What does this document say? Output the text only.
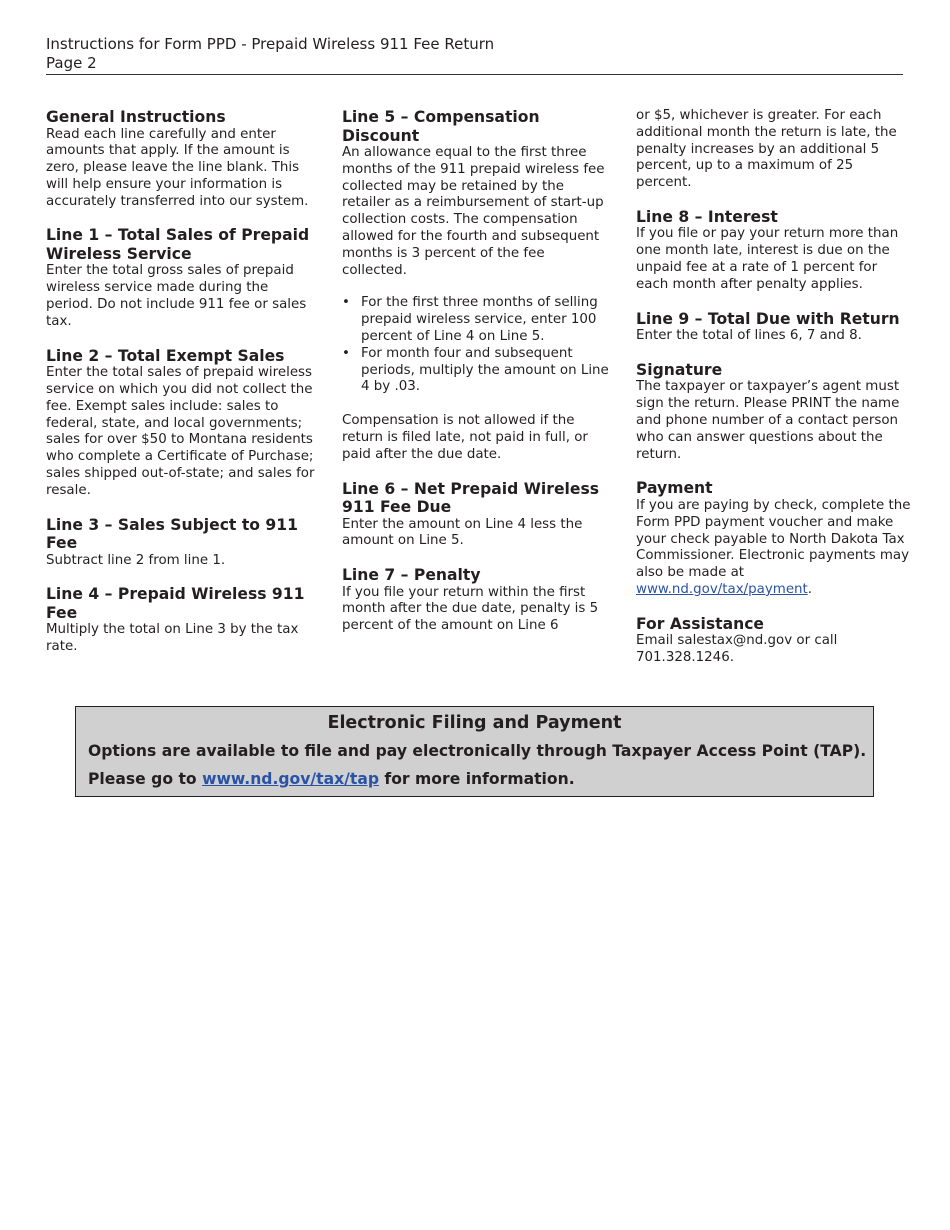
Instructions for Form PPD - Prepaid Wireless 911 Fee Return
Page 2
General Instructions

Read each line carefully and enter amounts that apply. If the amount is zero, please leave the line blank. This will help ensure your information is accurately transferred into our system.

Line 1 – Total Sales of Prepaid Wireless Service

Enter the total gross sales of prepaid wireless service made during the period. Do not include 911 fee or sales tax.

Line 2 – Total Exempt Sales

Enter the total sales of prepaid wireless service on which you did not collect the fee. Exempt sales include: sales to federal, state, and local governments; sales for over $50 to Montana residents who complete a Certificate of Purchase; sales shipped out-of-state; and sales for resale.

Line 3 – Sales Subject to 911 Fee

Subtract line 2 from line 1.

Line 4 – Prepaid Wireless 911 Fee

Multiply the total on Line 3 by the tax rate.

Line 5 – Compensation Discount

An allowance equal to the first three months of the 911 prepaid wireless fee collected may be retained by the retailer as a reimbursement of start-up collection costs. The compensation allowed for the fourth and subsequent months is 3 percent of the fee collected.

• For the first three months of selling prepaid wireless service, enter 100 percent of Line 4 on Line 5.
• For month four and subsequent periods, multiply the amount on Line 4 by .03.

Compensation is not allowed if the return is filed late, not paid in full, or paid after the due date.

Line 6 – Net Prepaid Wireless 911 Fee Due

Enter the amount on Line 4 less the amount on Line 5.

Line 7 – Penalty

If you file your return within the first month after the due date, penalty is 5 percent of the amount on Line 6

or $5, whichever is greater. For each additional month the return is late, the penalty increases by an additional 5 percent, up to a maximum of 25 percent.

Line 8 – Interest

If you file or pay your return more than one month late, interest is due on the unpaid fee at a rate of 1 percent for each month after penalty applies.

Line 9 – Total Due with Return

Enter the total of lines 6, 7 and 8.

Signature

The taxpayer or taxpayer’s agent must sign the return. Please PRINT the name and phone number of a contact person who can answer questions about the return.

Payment

If you are paying by check, complete the Form PPD payment voucher and make your check payable to North Dakota Tax Commissioner. Electronic payments may also be made at www.nd.gov/tax/payment.

For Assistance

Email salestax@nd.gov or call 701.328.1246.

Electronic Filing and Payment
Options are available to file and pay electronically through Taxpayer Access Point (TAP).
Please go to www.nd.gov/tax/tap for more information.
